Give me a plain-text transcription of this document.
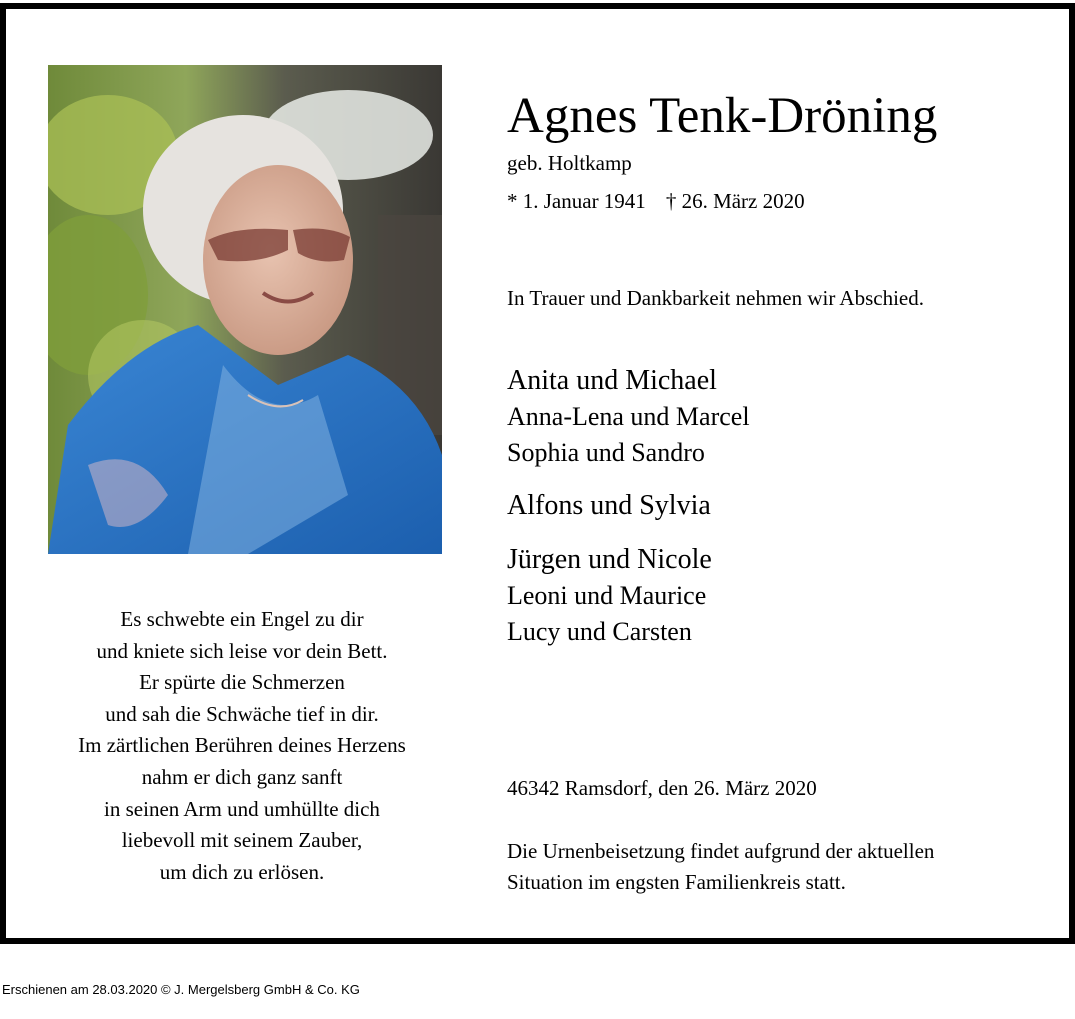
Agnes Tenk-Dröning
geb. Holtkamp
* 1. Januar 1941 † 26. März 2020
In Trauer und Dankbarkeit nehmen wir Abschied.
Anita und Michael
Anna-Lena und Marcel
Sophia und Sandro
Alfons und Sylvia
Jürgen und Nicole
Leoni und Maurice
Lucy und Carsten
Es schwebte ein Engel zu dir
und kniete sich leise vor dein Bett.
Er spürte die Schmerzen
und sah die Schwäche tief in dir.
Im zärtlichen Berühren deines Herzens
nahm er dich ganz sanft
in seinen Arm und umhüllte dich
liebevoll mit seinem Zauber,
um dich zu erlösen.
46342 Ramsdorf, den 26. März 2020
Die Urnenbeisetzung findet aufgrund der aktuellen
Situation im engsten Familienkreis statt.
Erschienen am 28.03.2020 © J. Mergelsberg GmbH & Co. KG
